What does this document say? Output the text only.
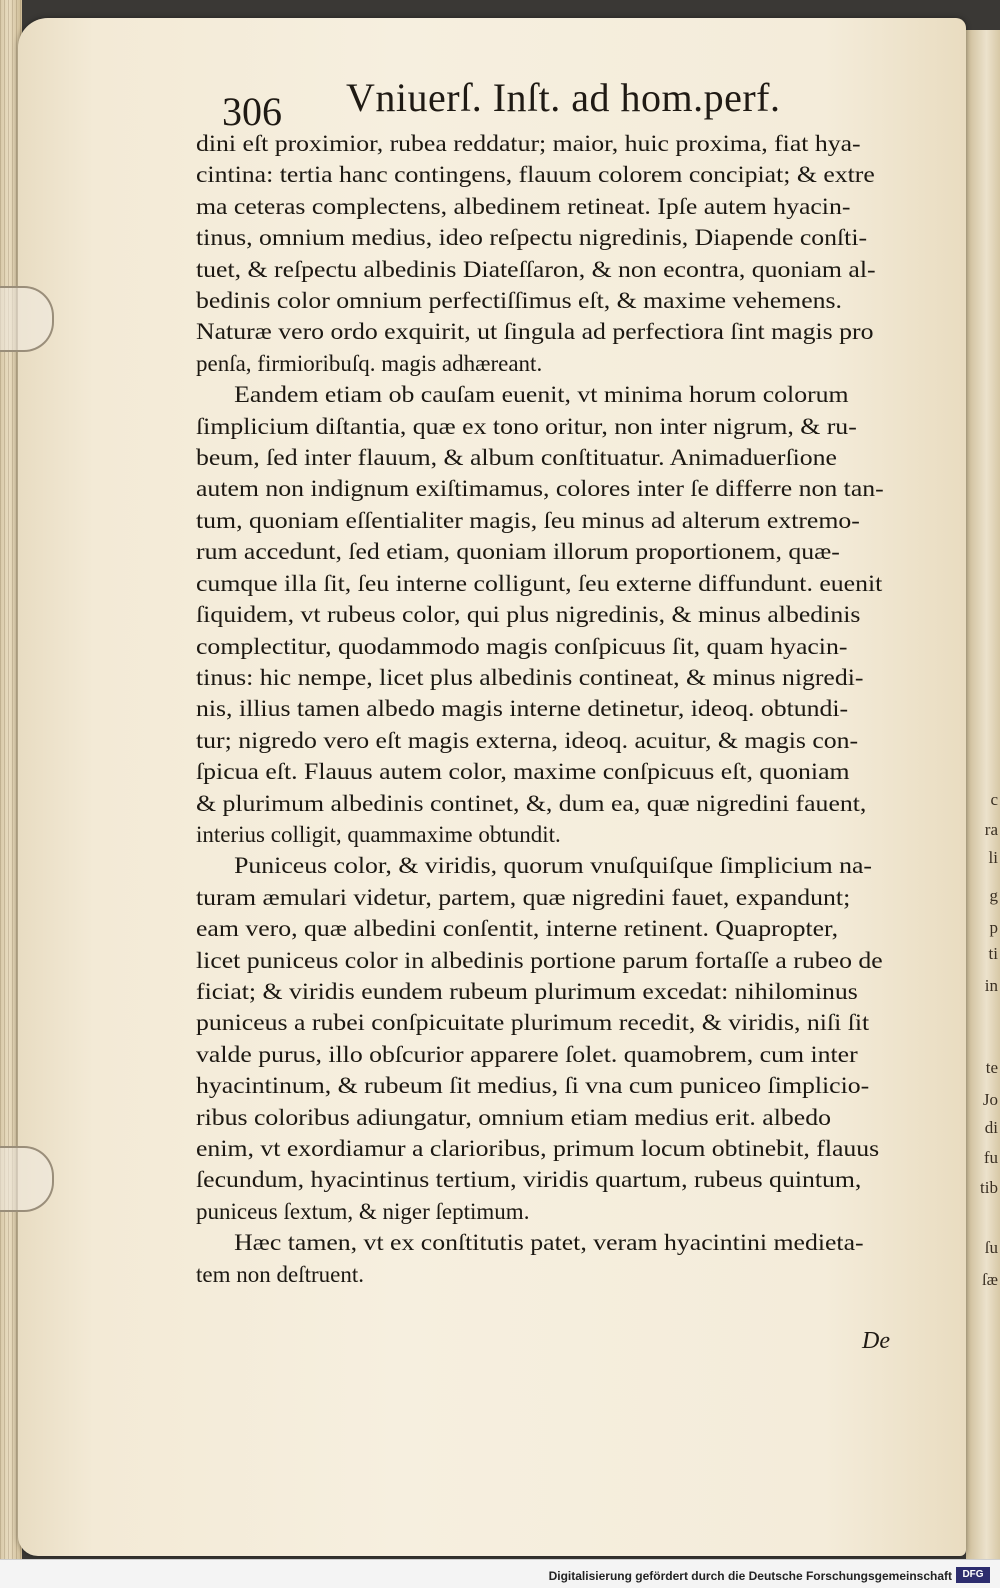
c
ra
li
g
p
ti
in
te
Jo
di
fu
tib
ſu
ſæ
306 Vniuerſ. Inſt. ad hom.perf.
dini eſt proximior, rubea reddatur; maior, huic proxima, fiat hya-
cintina: tertia hanc contingens, flauum colorem concipiat; & extre
ma ceteras complectens, albedinem retineat. Ipſe autem hyacin-
tinus, omnium medius, ideo reſpectu nigredinis, Diapende conſti-
tuet, & reſpectu albedinis Diateſſaron, & non econtra, quoniam al-
bedinis color omnium perfectiſſimus eſt, & maxime vehemens.
Naturæ vero ordo exquirit, ut ſingula ad perfectiora ſint magis pro
penſa, firmioribuſq. magis adhæreant.
Eandem etiam ob cauſam euenit, vt minima horum colorum
ſimplicium diſtantia, quæ ex tono oritur, non inter nigrum, & ru-
beum, ſed inter flauum, & album conſtituatur. Animaduerſione
autem non indignum exiſtimamus, colores inter ſe differre non tan-
tum, quoniam eſſentialiter magis, ſeu minus ad alterum extremo-
rum accedunt, ſed etiam, quoniam illorum proportionem, quæ-
cumque illa ſit, ſeu interne colligunt, ſeu externe diffundunt. euenit
ſiquidem, vt rubeus color, qui plus nigredinis, & minus albedinis
complectitur, quodammodo magis conſpicuus ſit, quam hyacin-
tinus: hic nempe, licet plus albedinis contineat, & minus nigredi-
nis, illius tamen albedo magis interne detinetur, ideoq. obtundi-
tur; nigredo vero eſt magis externa, ideoq. acuitur, & magis con-
ſpicua eſt. Flauus autem color, maxime conſpicuus eſt, quoniam
& plurimum albedinis continet, &, dum ea, quæ nigredini fauent,
interius colligit, quammaxime obtundit.
Puniceus color, & viridis, quorum vnuſquiſque ſimplicium na-
turam æmulari videtur, partem, quæ nigredini fauet, expandunt;
eam vero, quæ albedini conſentit, interne retinent. Quapropter,
licet puniceus color in albedinis portione parum fortaſſe a rubeo de
ficiat; & viridis eundem rubeum plurimum excedat: nihilominus
puniceus a rubei conſpicuitate plurimum recedit, & viridis, niſi ſit
valde purus, illo obſcurior apparere ſolet. quamobrem, cum inter
hyacintinum, & rubeum ſit medius, ſi vna cum puniceo ſimplicio-
ribus coloribus adiungatur, omnium etiam medius erit. albedo
enim, vt exordiamur a clarioribus, primum locum obtinebit, flauus
ſecundum, hyacintinus tertium, viridis quartum, rubeus quintum,
puniceus ſextum, & niger ſeptimum.
Hæc tamen, vt ex conſtitutis patet, veram hyacintini medieta-
tem non deſtruent.
De
Digitalisierung gefördert durch die Deutsche Forschungsgemeinschaft	DFG
